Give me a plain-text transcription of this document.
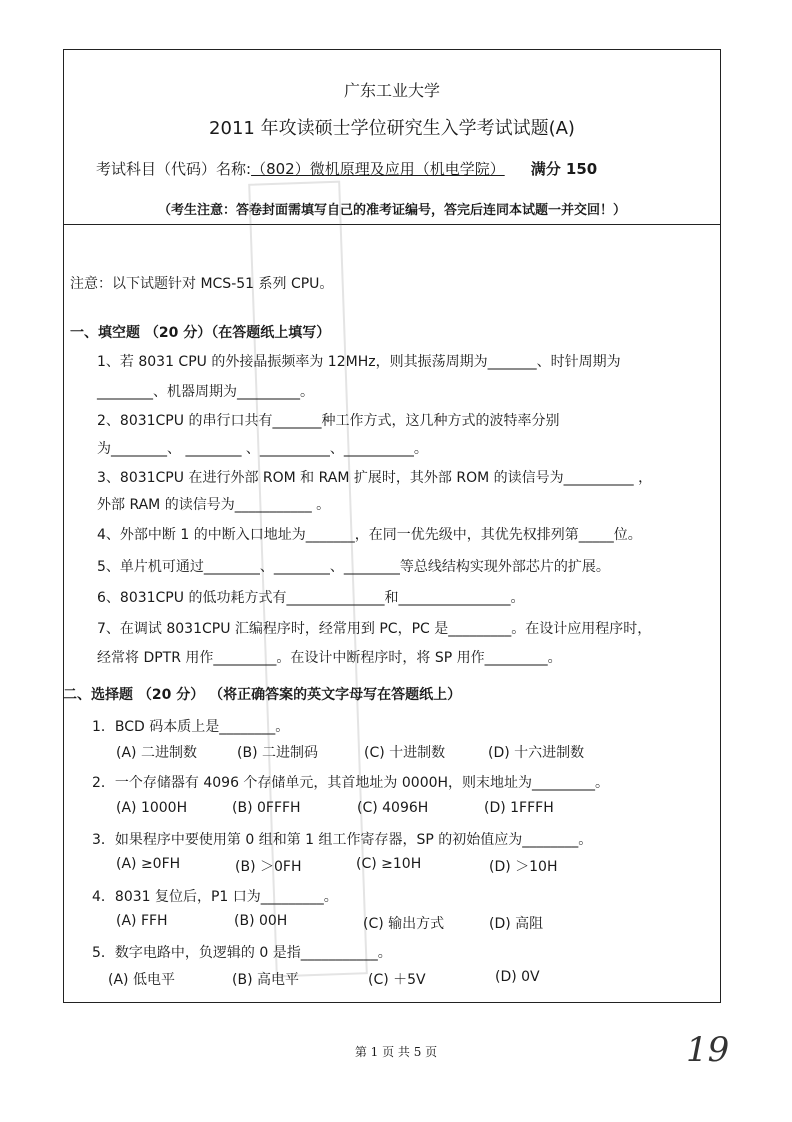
广东工业大学
2011 年攻读硕士学位研究生入学考试试题(A)
考试科目（代码）名称:（802）微机原理及应用（机电学院） 满分 150
（考生注意：答卷封面需填写自己的准考证编号，答完后连同本试题一并交回！）
注意：以下试题针对 MCS-51 系列 CPU。
一、填空题 （20 分）（在答题纸上填写）
1、若 8031 CPU 的外接晶振频率为 12MHz，则其振荡周期为_______、时针周期为
________、机器周期为_________。
2、8031CPU 的串行口共有_______种工作方式，这几种方式的波特率分别
为________、 ________ 、__________、__________。
3、8031CPU 在进行外部 ROM 和 RAM 扩展时，其外部 ROM 的读信号为__________ ，
外部 RAM 的读信号为___________ 。
4、外部中断 1 的中断入口地址为_______，在同一优先级中，其优先权排列第_____位。
5、单片机可通过________、________、________等总线结构实现外部芯片的扩展。
6、8031CPU 的低功耗方式有______________和________________。
7、在调试 8031CPU 汇编程序时，经常用到 PC，PC 是_________。在设计应用程序时，
经常将 DPTR 用作_________。在设计中断程序时，将 SP 用作_________。
二、选择题 （20 分） （将正确答案的英文字母写在答题纸上）
1．BCD 码本质上是________。
(A) 二进制数	(B) 二进制码	(C) 十进制数	(D) 十六进制数
2．一个存储器有 4096 个存储单元，其首地址为 0000H，则末地址为_________。
(A) 1000H	(B) 0FFFH	(C) 4096H	(D) 1FFFH
3．如果程序中要使用第 0 组和第 1 组工作寄存器，SP 的初始值应为________。
(A) ≥0FH	(B) ＞0FH	(C) ≥10H	(D) ＞10H
4．8031 复位后，P1 口为_________。
(A) FFH	(B) 00H	(C) 输出方式	(D) 高阻
5．数字电路中，负逻辑的 0 是指___________。
(A) 低电平	(B) 高电平	(C) ＋5V	(D) 0V
第 1 页 共 5 页	19
